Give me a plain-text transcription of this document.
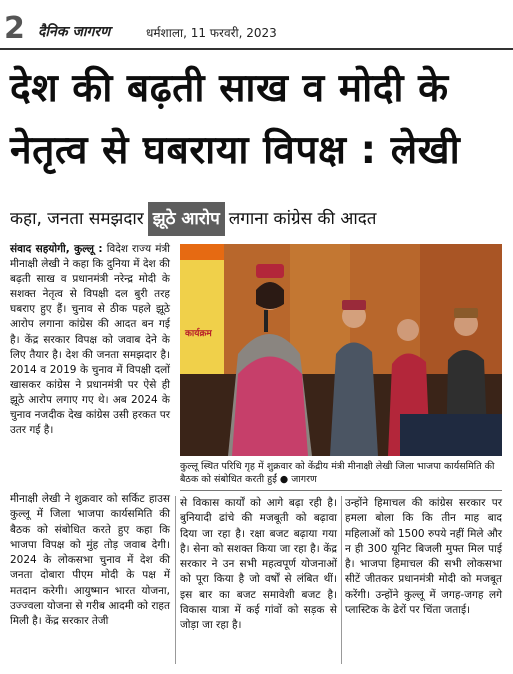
2 दैनिक जागरण	धर्मशाला, 11 फरवरी, 2023
देश की बढ़ती साख व मोदी के
नेतृत्व से घबराया विपक्ष : लेखी
कहा, जनता समझदार झूठे आरोप लगाना कांग्रेस की आदत

संवाद सहयोगी, कुल्लू : विदेश राज्य मंत्री मीनाक्षी लेखी ने कहा कि दुनिया में देश की बढ़ती साख व प्रधानमंत्री नरेन्द्र मोदी के सशक्त नेतृत्व से विपक्षी दल बुरी तरह घबराए हुए हैं। चुनाव से ठीक पहले झूठे आरोप लगाना कांग्रेस की आदत बन गई है। केंद्र सरकार विपक्ष को जवाब देने के लिए तैयार है। देश की जनता समझदार है। 2014 व 2019 के चुनाव में विपक्षी दलों खासकर कांग्रेस ने प्रधानमंत्री पर ऐसे ही झूठे आरोप लगाए गए थे। अब 2024 के चुनाव नजदीक देख कांग्रेस उसी हरकत पर उतर गई है।

कार्यक्रम
कुल्लू स्थित परिधि गृह में शुक्रवार को केंद्रीय मंत्री मीनाक्षी लेखी जिला भाजपा कार्यसमिति की बैठक को संबोधित करती हुईं ● जागरण

मीनाक्षी लेखी ने शुक्रवार को सर्किट हाउस कुल्लू में जिला भाजपा कार्यसमिति की बैठक को संबोधित करते हुए कहा कि भाजपा विपक्ष को मुंह तोड़ जवाब देगी। 2024 के लोकसभा चुनाव में देश की जनता दोबारा पीएम मोदी के पक्ष में मतदान करेगी। आयुष्मान भारत योजना, उज्ज्वला योजना से गरीब आदमी को राहत मिली है। केंद्र सरकार तेजी

से विकास कार्यों को आगे बढ़ा रही है। बुनियादी ढांचे की मजबूती को बढ़ावा दिया जा रहा है। रक्षा बजट बढ़ाया गया है। सेना को सशक्त किया जा रहा है। केंद्र सरकार ने उन सभी महत्वपूर्ण योजनाओं को पूरा किया है जो वर्षों से लंबित थीं। इस बार का बजट समावेशी बजट है। विकास यात्रा में कई गांवों को सड़क से जोड़ा जा रहा है।

उन्होंने हिमाचल की कांग्रेस सरकार पर हमला बोला कि कि तीन माह बाद महिलाओं को 1500 रुपये नहीं मिले और न ही 300 यूनिट बिजली मुफ्त मिल पाई है। भाजपा हिमाचल की सभी लोकसभा सीटें जीतकर प्रधानमंत्री मोदी को मजबूत करेंगी। उन्होंने कुल्लू में जगह-जगह लगे प्लास्टिक के ढेरों पर चिंता जताई।
